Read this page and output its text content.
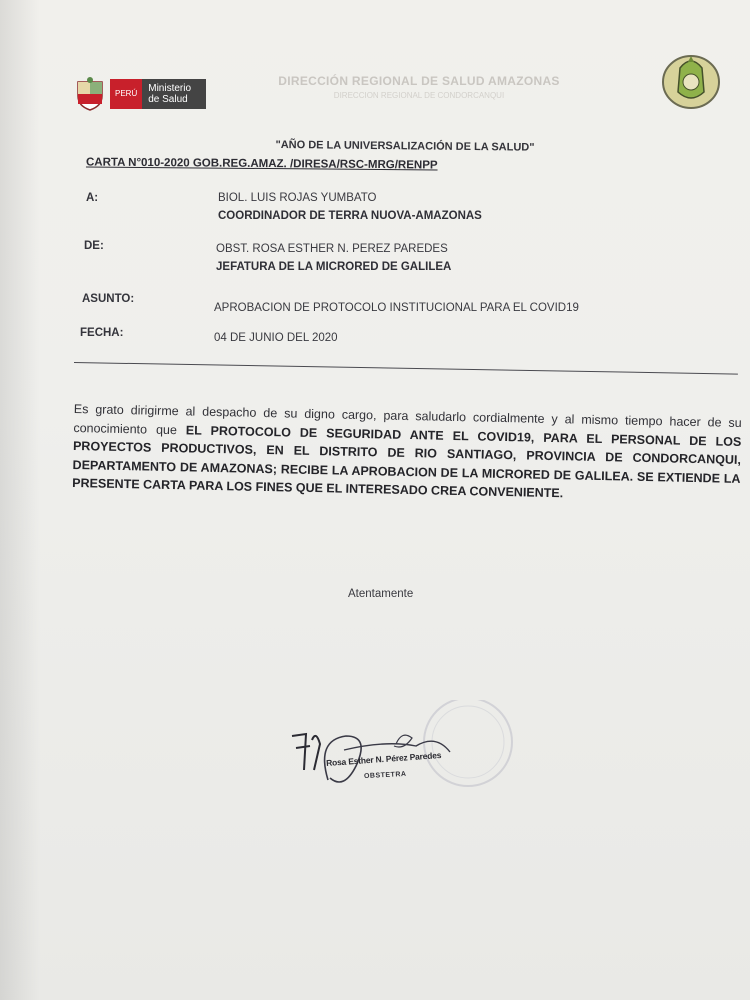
PERÚ	Ministerio de Salud
DIRECCIÓN REGIONAL DE SALUD AMAZONAS
DIRECCION REGIONAL DE CONDORCANQUI
"AÑO DE LA UNIVERSALIZACIÓN DE LA SALUD"
CARTA N°010-2020 GOB.REG.AMAZ. /DIRESA/RSC-MRG/RENPP
A:	BIOL. LUIS ROJAS YUMBATO
COORDINADOR DE TERRA NUOVA-AMAZONAS
DE:	OBST. ROSA ESTHER N. PEREZ PAREDES
JEFATURA DE LA MICRORED DE GALILEA
ASUNTO:
APROBACION DE PROTOCOLO INSTITUCIONAL PARA EL COVID19
FECHA:	04 DE JUNIO DEL 2020
Es grato dirigirme al despacho de su digno cargo, para saludarlo cordialmente y al mismo tiempo hacer de su conocimiento que EL PROTOCOLO DE SEGURIDAD ANTE EL COVID19, PARA EL PERSONAL DE LOS PROYECTOS PRODUCTIVOS, EN EL DISTRITO DE RIO SANTIAGO, PROVINCIA DE CONDORCANQUI, DEPARTAMENTO DE AMAZONAS; RECIBE LA APROBACION DE LA MICRORED DE GALILEA. SE EXTIENDE LA PRESENTE CARTA PARA LOS FINES QUE EL INTERESADO CREA CONVENIENTE.
Atentamente
Rosa Esther N. Pérez Paredes
OBSTETRA
